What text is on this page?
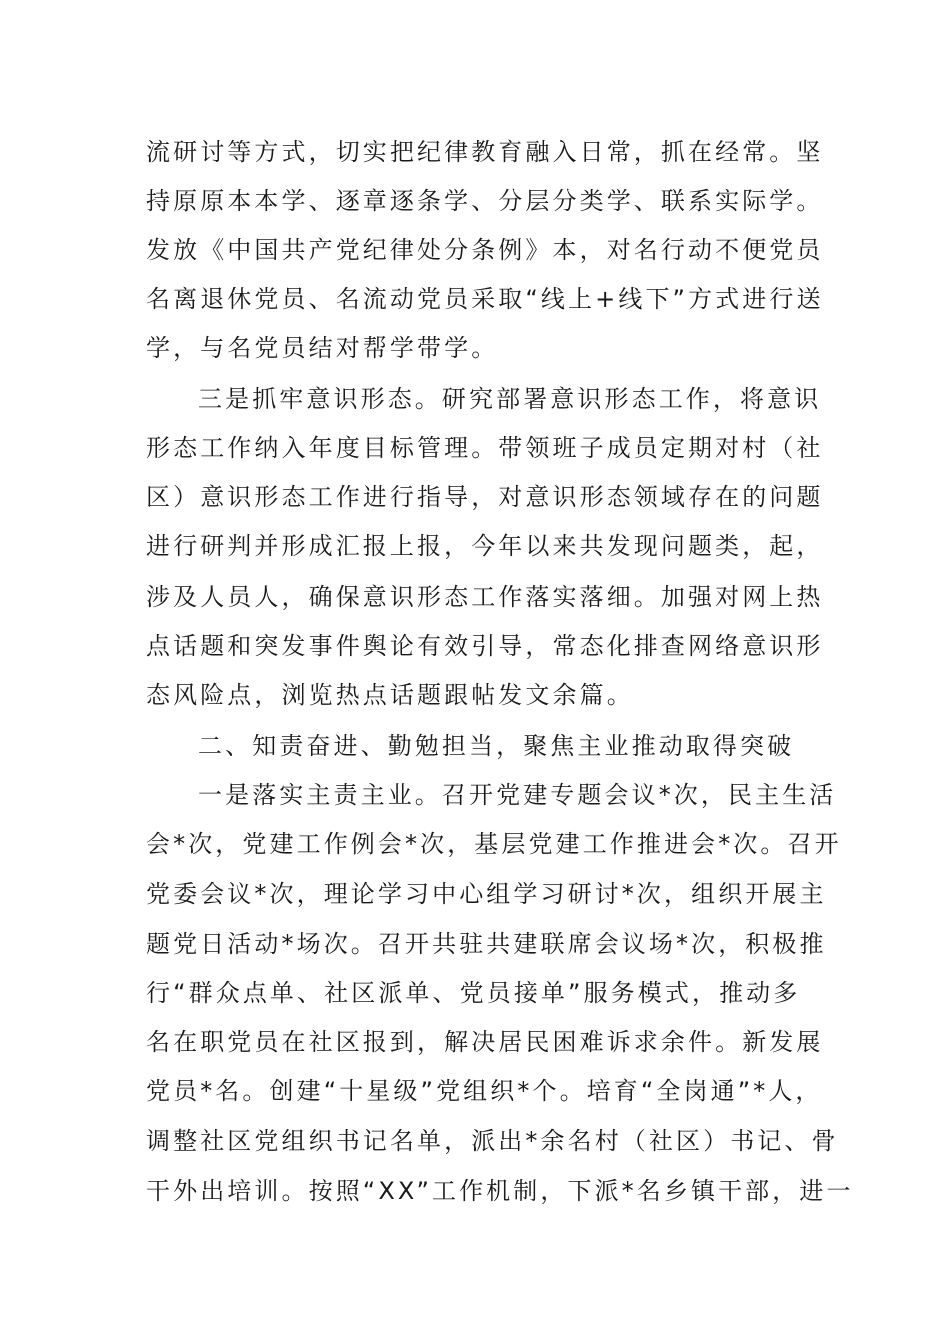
流研讨等方式，切实把纪律教育融入日常，抓在经常。坚
持原原本本学、逐章逐条学、分层分类学、联系实际学。
发放《中国共产党纪律处分条例》本，对名行动不便党员
名离退休党员、名流动党员采取“线上+线下”方式进行送
学，与名党员结对帮学带学。
三是抓牢意识形态。研究部署意识形态工作，将意识
形态工作纳入年度目标管理。带领班子成员定期对村（社
区）意识形态工作进行指导，对意识形态领域存在的问题
进行研判并形成汇报上报，今年以来共发现问题类，起，
涉及人员人，确保意识形态工作落实落细。加强对网上热
点话题和突发事件舆论有效引导，常态化排查网络意识形
态风险点，浏览热点话题跟帖发文余篇。
二、知责奋进、勤勉担当，聚焦主业推动取得突破
一是落实主责主业。召开党建专题会议*次，民主生活
会*次，党建工作例会*次，基层党建工作推进会*次。召开
党委会议*次，理论学习中心组学习研讨*次，组织开展主
题党日活动*场次。召开共驻共建联席会议场*次，积极推
行“群众点单、社区派单、党员接单”服务模式，推动多
名在职党员在社区报到，解决居民困难诉求余件。新发展
党员*名。创建“十星级”党组织*个。培育“全岗通”*人，
调整社区党组织书记名单，派出*余名村（社区）书记、骨
干外出培训。按照“XX”工作机制，下派*名乡镇干部，进一
